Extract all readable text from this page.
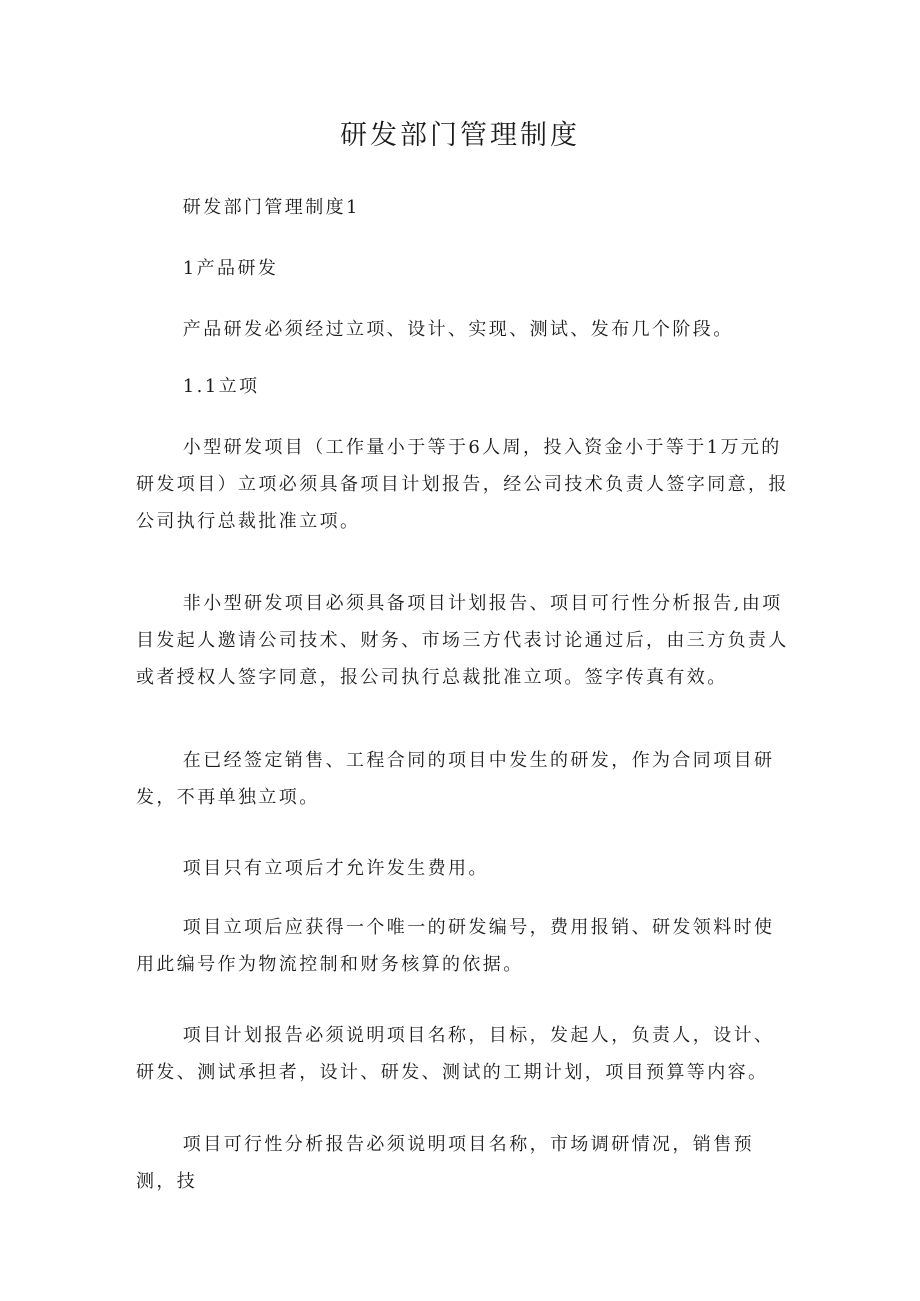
研发部门管理制度

研发部门管理制度1

1产品研发

产品研发必须经过立项、设计、实现、测试、发布几个阶段。

1.1立项

小型研发项目（工作量小于等于6人周，投入资金小于等于1万元的研发项目）立项必须具备项目计划报告，经公司技术负责人签字同意，报公司执行总裁批准立项。

非小型研发项目必须具备项目计划报告、项目可行性分析报告,由项目发起人邀请公司技术、财务、市场三方代表讨论通过后，由三方负责人或者授权人签字同意，报公司执行总裁批准立项。签字传真有效。

在已经签定销售、工程合同的项目中发生的研发，作为合同项目研发，不再单独立项。

项目只有立项后才允许发生费用。

项目立项后应获得一个唯一的研发编号，费用报销、研发领料时使用此编号作为物流控制和财务核算的依据。

项目计划报告必须说明项目名称，目标，发起人，负责人，设计、研发、测试承担者，设计、研发、测试的工期计划，项目预算等内容。

项目可行性分析报告必须说明项目名称，市场调研情况，销售预测，技
